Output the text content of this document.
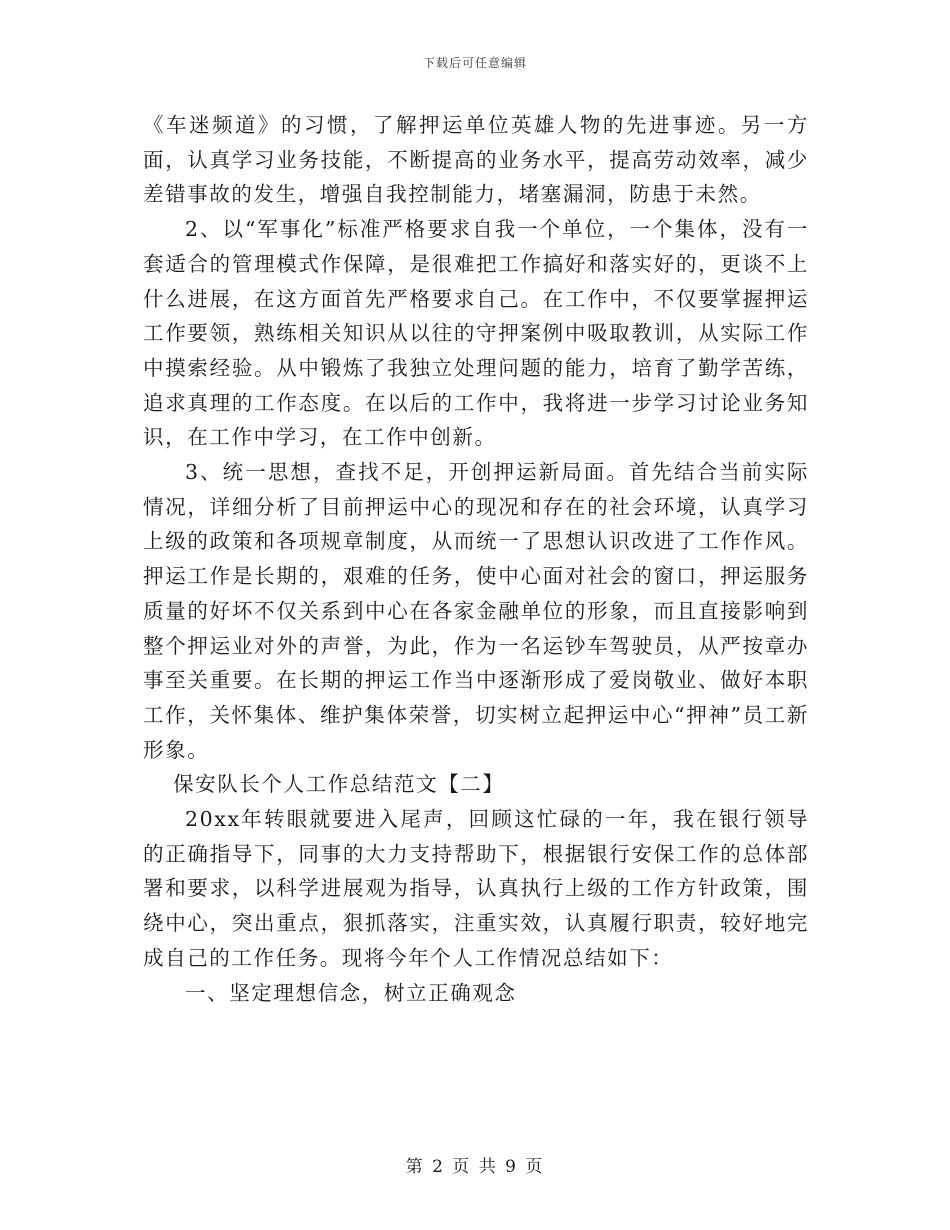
下载后可任意编辑

《车迷频道》的习惯，了解押运单位英雄人物的先进事迹。另一方面，认真学习业务技能，不断提高的业务水平，提高劳动效率，减少差错事故的发生，增强自我控制能力，堵塞漏洞，防患于未然。

2、以“军事化”标准严格要求自我一个单位，一个集体，没有一套适合的管理模式作保障，是很难把工作搞好和落实好的，更谈不上什么进展，在这方面首先严格要求自己。在工作中，不仅要掌握押运工作要领，熟练相关知识从以往的守押案例中吸取教训，从实际工作中摸索经验。从中锻炼了我独立处理问题的能力，培育了勤学苦练，追求真理的工作态度。在以后的工作中，我将进一步学习讨论业务知识，在工作中学习，在工作中创新。

3、统一思想，查找不足，开创押运新局面。首先结合当前实际情况，详细分析了目前押运中心的现况和存在的社会环境，认真学习上级的政策和各项规章制度，从而统一了思想认识改进了工作作风。押运工作是长期的，艰难的任务，使中心面对社会的窗口，押运服务质量的好坏不仅关系到中心在各家金融单位的形象，而且直接影响到整个押运业对外的声誉，为此，作为一名运钞车驾驶员，从严按章办事至关重要。在长期的押运工作当中逐渐形成了爱岗敬业、做好本职工作，关怀集体、维护集体荣誉，切实树立起押运中心“押神”员工新形象。

保安队长个人工作总结范文【二】

20xx年转眼就要进入尾声，回顾这忙碌的一年，我在银行领导的正确指导下，同事的大力支持帮助下，根据银行安保工作的总体部署和要求，以科学进展观为指导，认真执行上级的工作方针政策，围绕中心，突出重点，狠抓落实，注重实效，认真履行职责，较好地完成自己的工作任务。现将今年个人工作情况总结如下：

一、坚定理想信念，树立正确观念

第 2 页 共 9 页
